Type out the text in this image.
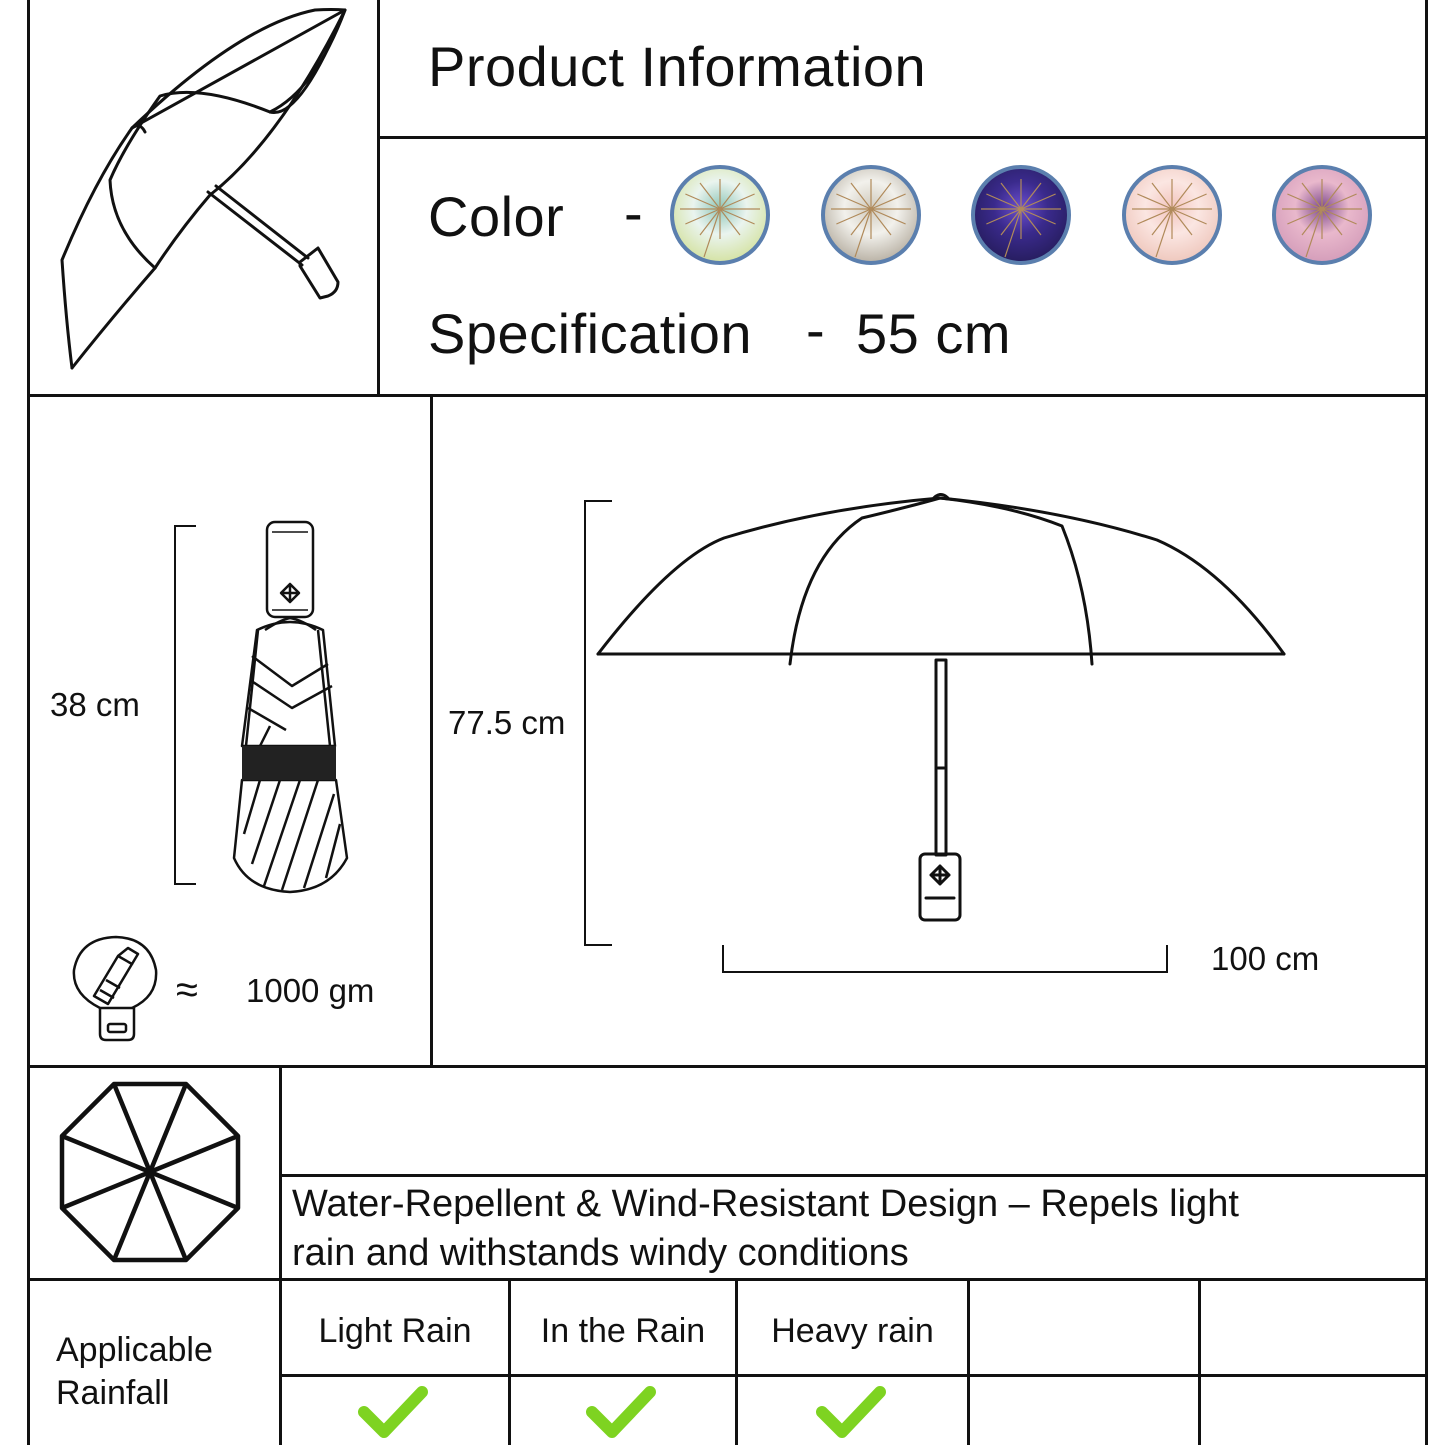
Product Information
Color -
Specification - 55 cm
38 cm
≈ 1000 gm
77.5 cm
100 cm
Water-Repellent & Wind-Resistant Design – Repels light
rain and withstands windy conditions
Applicable
Rainfall
Light Rain	In the Rain	Heavy rain
